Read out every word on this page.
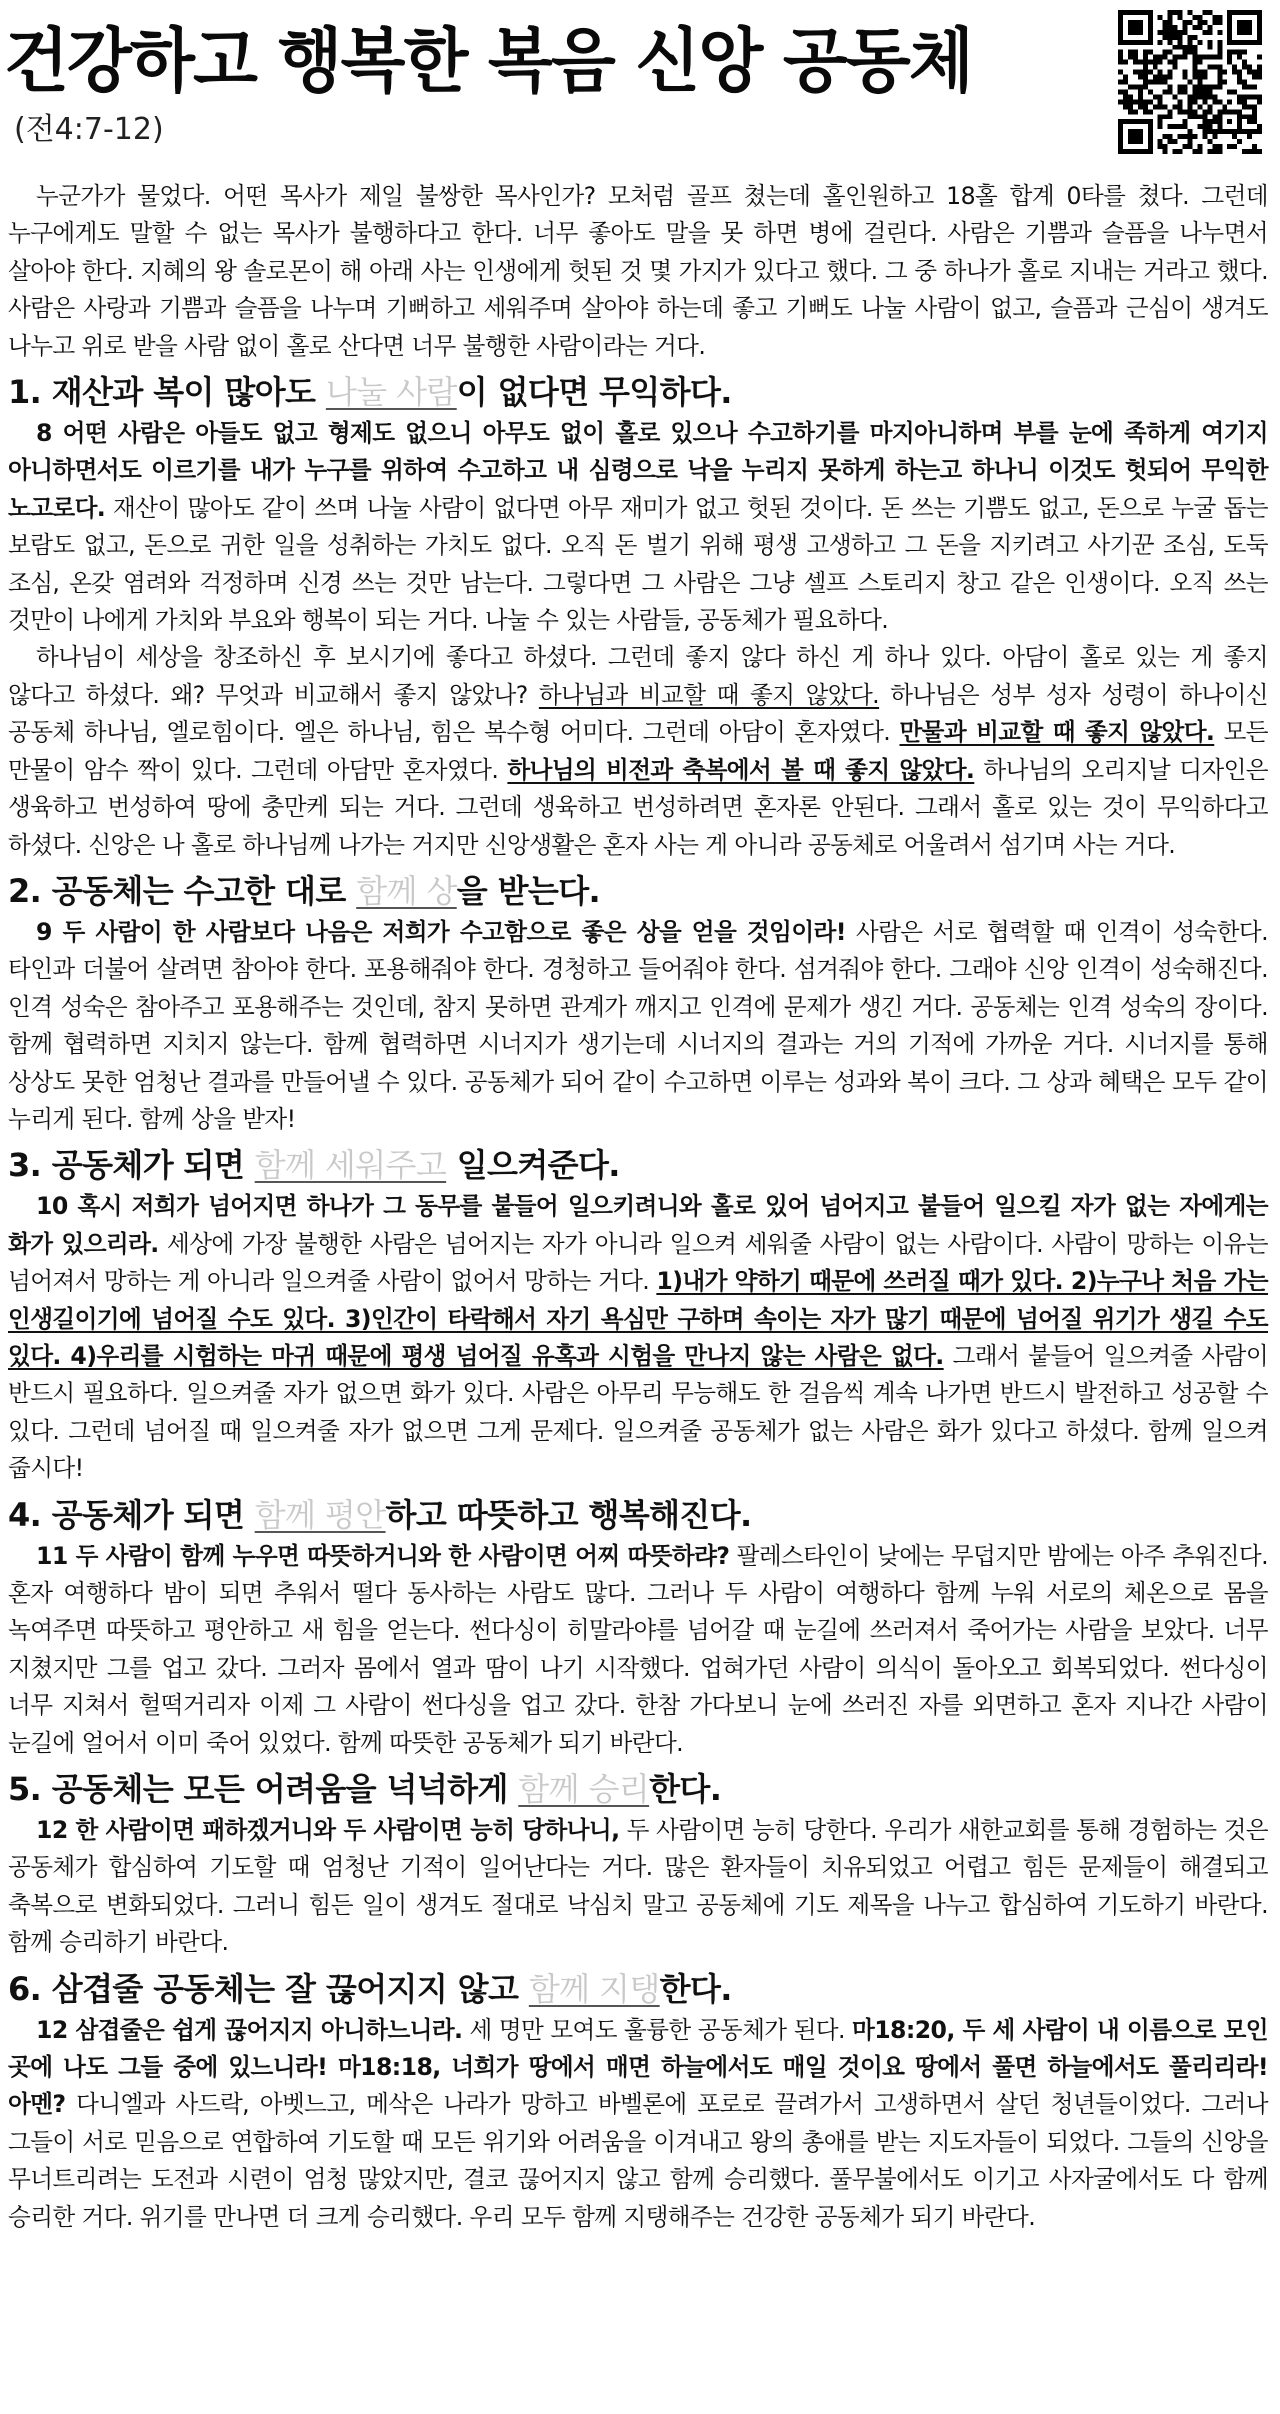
건강하고 행복한 복음 신앙 공동체
(전4:7-12)

누군가가 물었다. 어떤 목사가 제일 불쌍한 목사인가? 모처럼 골프 쳤는데 홀인원하고 18홀 합계 0타를 쳤다. 그런데 누구에게도 말할 수 없는 목사가 불행하다고 한다. 너무 좋아도 말을 못 하면 병에 걸린다. 사람은 기쁨과 슬픔을 나누면서 살아야 한다. 지혜의 왕 솔로몬이 해 아래 사는 인생에게 헛된 것 몇 가지가 있다고 했다. 그 중 하나가 홀로 지내는 거라고 했다. 사람은 사랑과 기쁨과 슬픔을 나누며 기뻐하고 세워주며 살아야 하는데 좋고 기뻐도 나눌 사람이 없고, 슬픔과 근심이 생겨도 나누고 위로 받을 사람 없이 홀로 산다면 너무 불행한 사람이라는 거다.

1. 재산과 복이 많아도 나눌 사람이 없다면 무익하다.

8 어떤 사람은 아들도 없고 형제도 없으니 아무도 없이 홀로 있으나 수고하기를 마지아니하며 부를 눈에 족하게 여기지 아니하면서도 이르기를 내가 누구를 위하여 수고하고 내 심령으로 낙을 누리지 못하게 하는고 하나니 이것도 헛되어 무익한 노고로다. 재산이 많아도 같이 쓰며 나눌 사람이 없다면 아무 재미가 없고 헛된 것이다. 돈 쓰는 기쁨도 없고, 돈으로 누굴 돕는 보람도 없고, 돈으로 귀한 일을 성취하는 가치도 없다. 오직 돈 벌기 위해 평생 고생하고 그 돈을 지키려고 사기꾼 조심, 도둑 조심, 온갖 염려와 걱정하며 신경 쓰는 것만 남는다. 그렇다면 그 사람은 그냥 셀프 스토리지 창고 같은 인생이다. 오직 쓰는 것만이 나에게 가치와 부요와 행복이 되는 거다. 나눌 수 있는 사람들, 공동체가 필요하다.

하나님이 세상을 창조하신 후 보시기에 좋다고 하셨다. 그런데 좋지 않다 하신 게 하나 있다. 아담이 홀로 있는 게 좋지 않다고 하셨다. 왜? 무엇과 비교해서 좋지 않았나? 하나님과 비교할 때 좋지 않았다. 하나님은 성부 성자 성령이 하나이신 공동체 하나님, 엘로힘이다. 엘은 하나님, 힘은 복수형 어미다. 그런데 아담이 혼자였다. 만물과 비교할 때 좋지 않았다. 모든 만물이 암수 짝이 있다. 그런데 아담만 혼자였다. 하나님의 비전과 축복에서 볼 때 좋지 않았다. 하나님의 오리지날 디자인은 생육하고 번성하여 땅에 충만케 되는 거다. 그런데 생육하고 번성하려면 혼자론 안된다. 그래서 홀로 있는 것이 무익하다고 하셨다. 신앙은 나 홀로 하나님께 나가는 거지만 신앙생활은 혼자 사는 게 아니라 공동체로 어울려서 섬기며 사는 거다.

2. 공동체는 수고한 대로 함께 상을 받는다.

9 두 사람이 한 사람보다 나음은 저희가 수고함으로 좋은 상을 얻을 것임이라! 사람은 서로 협력할 때 인격이 성숙한다. 타인과 더불어 살려면 참아야 한다. 포용해줘야 한다. 경청하고 들어줘야 한다. 섬겨줘야 한다. 그래야 신앙 인격이 성숙해진다. 인격 성숙은 참아주고 포용해주는 것인데, 참지 못하면 관계가 깨지고 인격에 문제가 생긴 거다. 공동체는 인격 성숙의 장이다. 함께 협력하면 지치지 않는다. 함께 협력하면 시너지가 생기는데 시너지의 결과는 거의 기적에 가까운 거다. 시너지를 통해 상상도 못한 엄청난 결과를 만들어낼 수 있다. 공동체가 되어 같이 수고하면 이루는 성과와 복이 크다. 그 상과 혜택은 모두 같이 누리게 된다. 함께 상을 받자!

3. 공동체가 되면 함께 세워주고 일으켜준다.

10 혹시 저희가 넘어지면 하나가 그 동무를 붙들어 일으키려니와 홀로 있어 넘어지고 붙들어 일으킬 자가 없는 자에게는 화가 있으리라. 세상에 가장 불행한 사람은 넘어지는 자가 아니라 일으켜 세워줄 사람이 없는 사람이다. 사람이 망하는 이유는 넘어져서 망하는 게 아니라 일으켜줄 사람이 없어서 망하는 거다. 1)내가 약하기 때문에 쓰러질 때가 있다. 2)누구나 처음 가는 인생길이기에 넘어질 수도 있다. 3)인간이 타락해서 자기 욕심만 구하며 속이는 자가 많기 때문에 넘어질 위기가 생길 수도 있다. 4)우리를 시험하는 마귀 때문에 평생 넘어질 유혹과 시험을 만나지 않는 사람은 없다. 그래서 붙들어 일으켜줄 사람이 반드시 필요하다. 일으켜줄 자가 없으면 화가 있다. 사람은 아무리 무능해도 한 걸음씩 계속 나가면 반드시 발전하고 성공할 수 있다. 그런데 넘어질 때 일으켜줄 자가 없으면 그게 문제다. 일으켜줄 공동체가 없는 사람은 화가 있다고 하셨다. 함께 일으켜 줍시다!

4. 공동체가 되면 함께 평안하고 따뜻하고 행복해진다.

11 두 사람이 함께 누우면 따뜻하거니와 한 사람이면 어찌 따뜻하랴? 팔레스타인이 낮에는 무덥지만 밤에는 아주 추워진다. 혼자 여행하다 밤이 되면 추워서 떨다 동사하는 사람도 많다. 그러나 두 사람이 여행하다 함께 누워 서로의 체온으로 몸을 녹여주면 따뜻하고 평안하고 새 힘을 얻는다. 썬다싱이 히말라야를 넘어갈 때 눈길에 쓰러져서 죽어가는 사람을 보았다. 너무 지쳤지만 그를 업고 갔다. 그러자 몸에서 열과 땀이 나기 시작했다. 업혀가던 사람이 의식이 돌아오고 회복되었다. 썬다싱이 너무 지쳐서 헐떡거리자 이제 그 사람이 썬다싱을 업고 갔다. 한참 가다보니 눈에 쓰러진 자를 외면하고 혼자 지나간 사람이 눈길에 얼어서 이미 죽어 있었다. 함께 따뜻한 공동체가 되기 바란다.

5. 공동체는 모든 어려움을 넉넉하게 함께 승리한다.

12 한 사람이면 패하겠거니와 두 사람이면 능히 당하나니, 두 사람이면 능히 당한다. 우리가 새한교회를 통해 경험하는 것은 공동체가 합심하여 기도할 때 엄청난 기적이 일어난다는 거다. 많은 환자들이 치유되었고 어렵고 힘든 문제들이 해결되고 축복으로 변화되었다. 그러니 힘든 일이 생겨도 절대로 낙심치 말고 공동체에 기도 제목을 나누고 합심하여 기도하기 바란다. 함께 승리하기 바란다.

6. 삼겹줄 공동체는 잘 끊어지지 않고 함께 지탱한다.

12 삼겹줄은 쉽게 끊어지지 아니하느니라. 세 명만 모여도 훌륭한 공동체가 된다. 마18:20, 두 세 사람이 내 이름으로 모인 곳에 나도 그들 중에 있느니라! 마18:18, 너희가 땅에서 매면 하늘에서도 매일 것이요 땅에서 풀면 하늘에서도 풀리리라! 아멘? 다니엘과 사드락, 아벳느고, 메삭은 나라가 망하고 바벨론에 포로로 끌려가서 고생하면서 살던 청년들이었다. 그러나 그들이 서로 믿음으로 연합하여 기도할 때 모든 위기와 어려움을 이겨내고 왕의 총애를 받는 지도자들이 되었다. 그들의 신앙을 무너트리려는 도전과 시련이 엄청 많았지만, 결코 끊어지지 않고 함께 승리했다. 풀무불에서도 이기고 사자굴에서도 다 함께 승리한 거다. 위기를 만나면 더 크게 승리했다. 우리 모두 함께 지탱해주는 건강한 공동체가 되기 바란다.
